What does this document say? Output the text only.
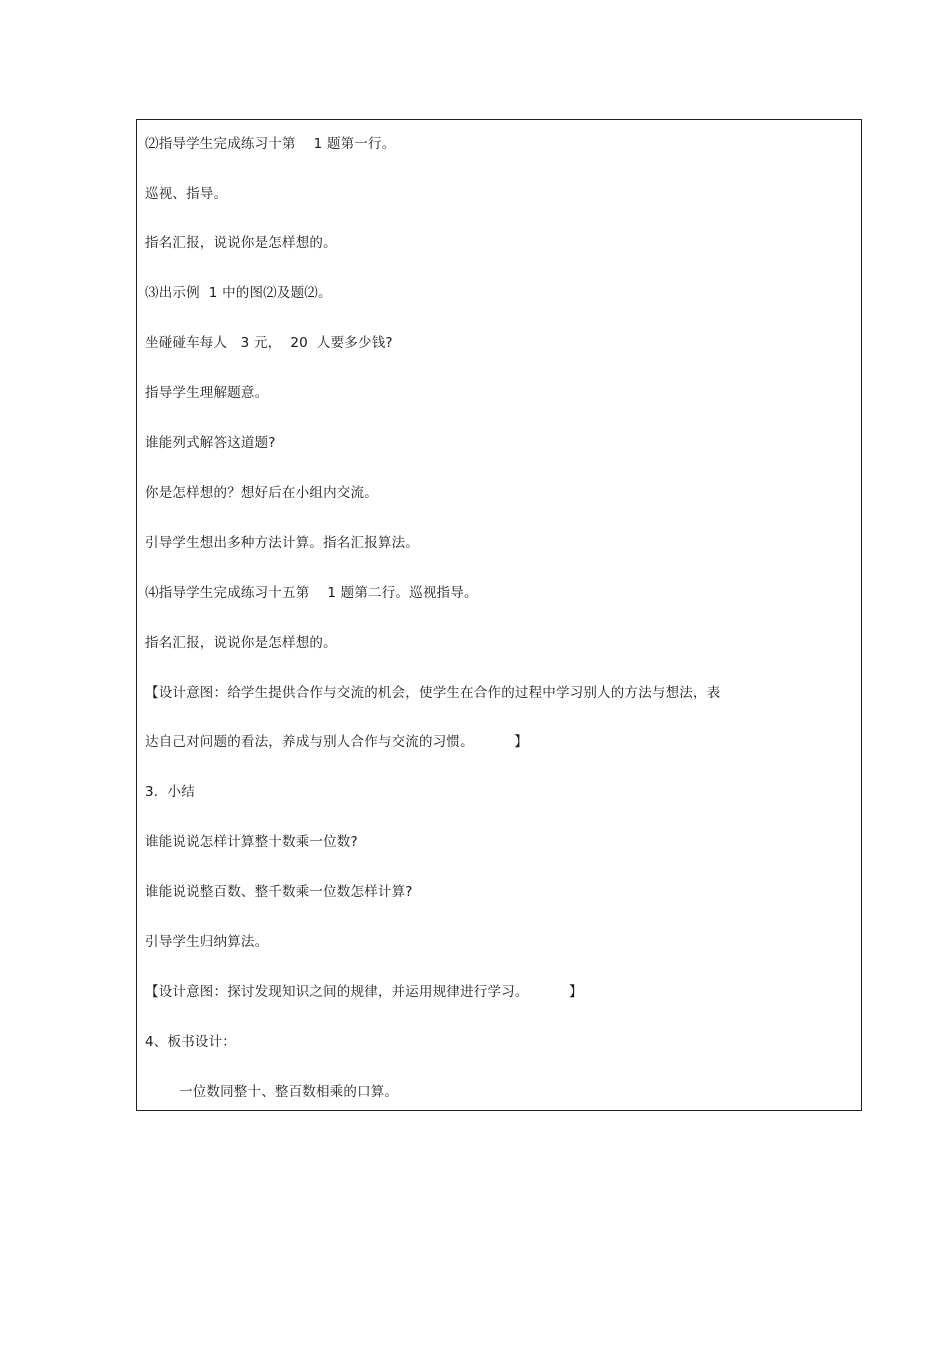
⑵指导学生完成练习十第    1 题第一行。
巡视、指导。
指名汇报，说说你是怎样想的。
⑶出示例  1 中的图⑵及题⑵。
坐碰碰车每人   3 元，  20  人要多少钱?
指导学生理解题意。
谁能列式解答这道题?
你是怎样想的？想好后在小组内交流。
引导学生想出多种方法计算。指名汇报算法。
⑷指导学生完成练习十五第    1 题第二行。巡视指导。
指名汇报，说说你是怎样想的。
【设计意图：给学生提供合作与交流的机会，使学生在合作的过程中学习别人的方法与想法，表
达自己对问题的看法，养成与别人合作与交流的习惯。         】
3．小结
谁能说说怎样计算整十数乘一位数?
谁能说说整百数、整千数乘一位数怎样计算?
引导学生归纳算法。
【设计意图：探讨发现知识之间的规律，并运用规律进行学习。         】
4、板书设计：
一位数同整十、整百数相乘的口算。
